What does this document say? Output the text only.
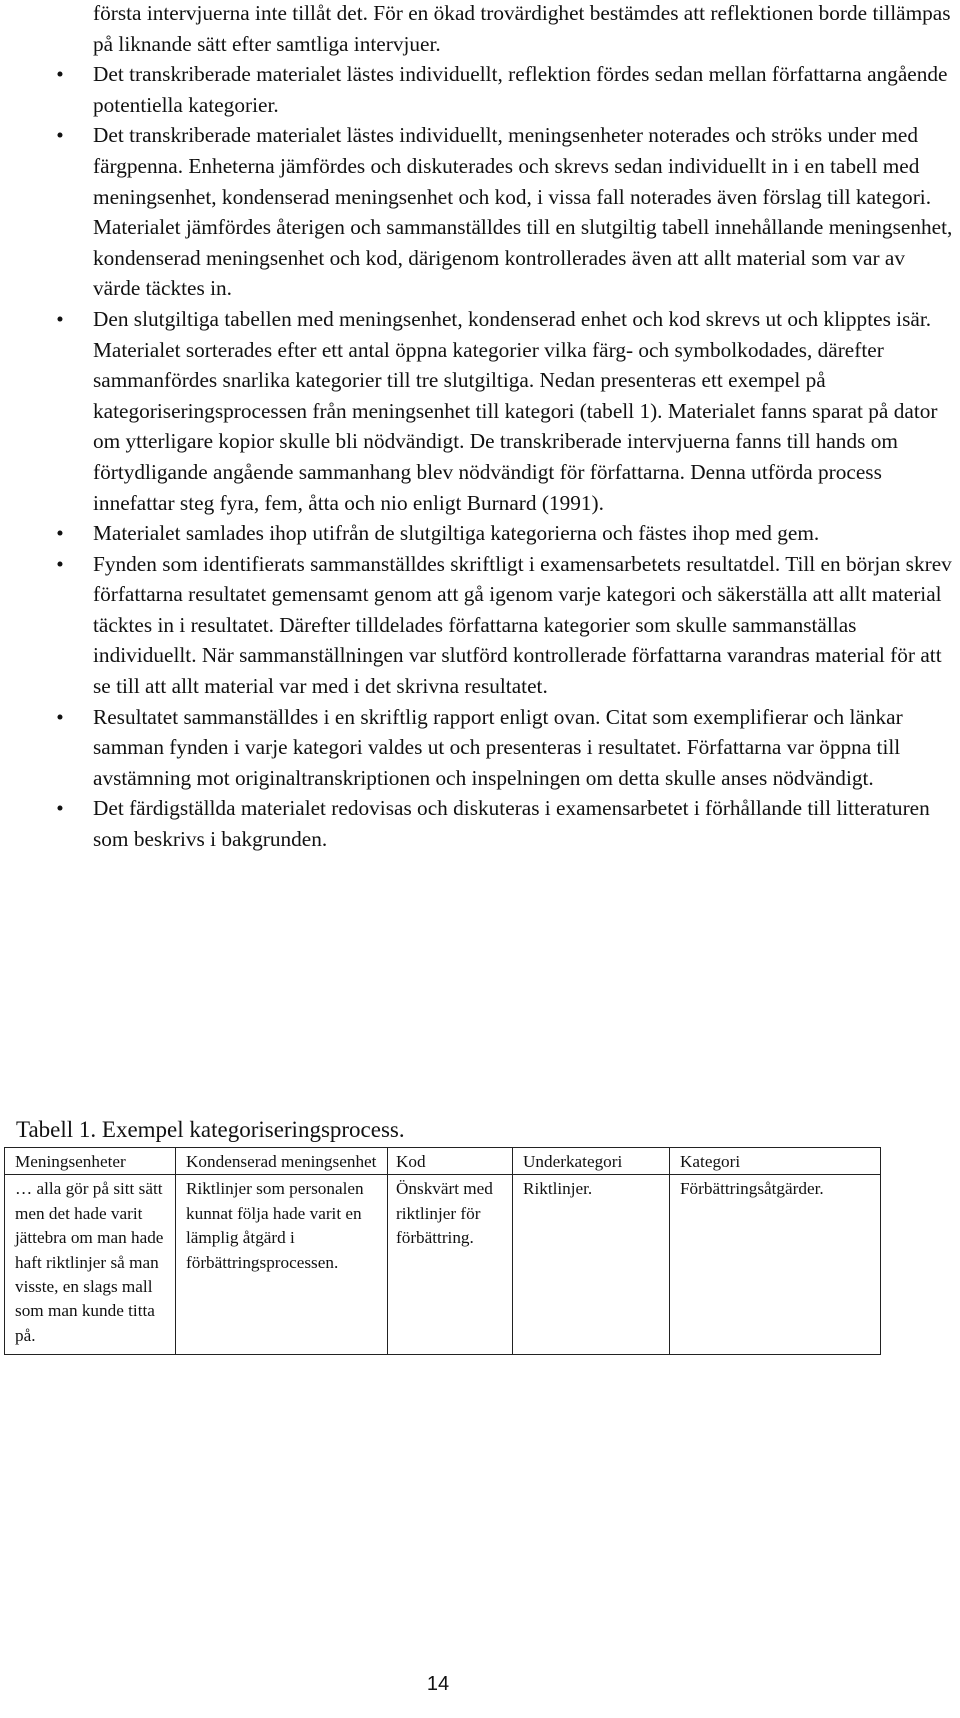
första intervjuerna inte tillåt det. För en ökad trovärdighet bestämdes att reflektionen borde tillämpas på liknande sätt efter samtliga intervjuer.

• Det transkriberade materialet lästes individuellt, reflektion fördes sedan mellan författarna angående potentiella kategorier.
• Det transkriberade materialet lästes individuellt, meningsenheter noterades och ströks under med färgpenna. Enheterna jämfördes och diskuterades och skrevs sedan individuellt in i en tabell med meningsenhet, kondenserad meningsenhet och kod, i vissa fall noterades även förslag till kategori. Materialet jämfördes återigen och sammanställdes till en slutgiltig tabell innehållande meningsenhet, kondenserad meningsenhet och kod, därigenom kontrollerades även att allt material som var av värde täcktes in.
• Den slutgiltiga tabellen med meningsenhet, kondenserad enhet och kod skrevs ut och klipptes isär. Materialet sorterades efter ett antal öppna kategorier vilka färg- och symbolkodades, därefter sammanfördes snarlika kategorier till tre slutgiltiga. Nedan presenteras ett exempel på kategoriseringsprocessen från meningsenhet till kategori (tabell 1). Materialet fanns sparat på dator om ytterligare kopior skulle bli nödvändigt. De transkriberade intervjuerna fanns till hands om förtydligande angående sammanhang blev nödvändigt för författarna. Denna utförda process innefattar steg fyra, fem, åtta och nio enligt Burnard (1991).
• Materialet samlades ihop utifrån de slutgiltiga kategorierna och fästes ihop med gem.
• Fynden som identifierats sammanställdes skriftligt i examensarbetets resultatdel. Till en början skrev författarna resultatet gemensamt genom att gå igenom varje kategori och säkerställa att allt material täcktes in i resultatet. Därefter tilldelades författarna kategorier som skulle sammanställas individuellt. När sammanställningen var slutförd kontrollerade författarna varandras material för att se till att allt material var med i det skrivna resultatet.
• Resultatet sammanställdes i en skriftlig rapport enligt ovan. Citat som exemplifierar och länkar samman fynden i varje kategori valdes ut och presenteras i resultatet. Författarna var öppna till avstämning mot originaltranskriptionen och inspelningen om detta skulle anses nödvändigt.
• Det färdigställda materialet redovisas och diskuteras i examensarbetet i förhållande till litteraturen som beskrivs i bakgrunden.
Tabell 1. Exempel kategoriseringsprocess.
Meningsenheter	Kondenserad meningsenhet	Kod	Underkategori	Kategori
… alla gör på sitt sätt men det hade varit jättebra om man hade haft riktlinjer så man visste, en slags mall som man kunde titta på.	Riktlinjer som personalen kunnat följa hade varit en lämplig åtgärd i förbättringsprocessen.	Önskvärt med riktlinjer för förbättring.	Riktlinjer.	Förbättringsåtgärder.
14
